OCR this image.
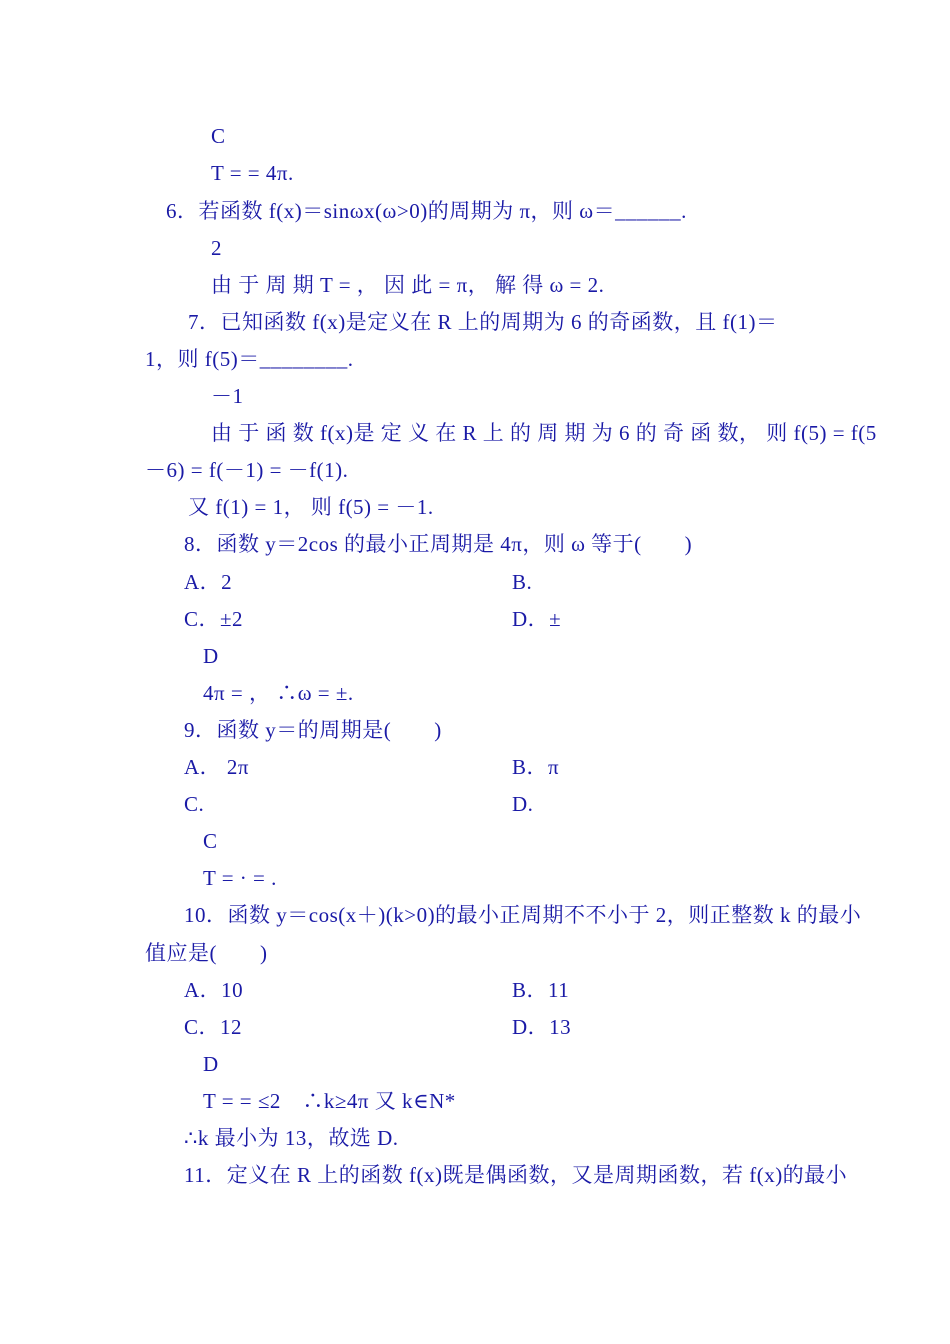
C
T = = 4π.
6．若函数 f(x)＝sinωx(ω>0)的周期为 π，则 ω＝______.
2
由 于 周 期 T = ， 因 此 = π， 解 得 ω = 2.
7．已知函数 f(x)是定义在 R 上的周期为 6 的奇函数，且 f(1)＝
1，则 f(5)＝________.
－1
由 于 函 数 f(x)是 定 义 在 R 上 的 周 期 为 6 的 奇 函 数， 则 f(5) = f(5
－6) = f(－1) = －f(1).
又 f(1) = 1， 则 f(5) = －1.
8．函数 y＝2cos 的最小正周期是 4π，则 ω 等于(　　)
A．2	B.
C．±2	D．±
D
4π = ， ∴ω = ±.
9．函数 y＝的周期是(　　)
A． 2π	B．π
C.	D.
C
T = · = .
10．函数 y＝cos(x＋)(k>0)的最小正周期不不小于 2，则正整数 k 的最小
值应是(　　)
A．10	B．11
C．12	D．13
D
T = = ≤2　∴k≥4π 又 k∈N*
∴k 最小为 13，故选 D.
11．定义在 R 上的函数 f(x)既是偶函数，又是周期函数，若 f(x)的最小
